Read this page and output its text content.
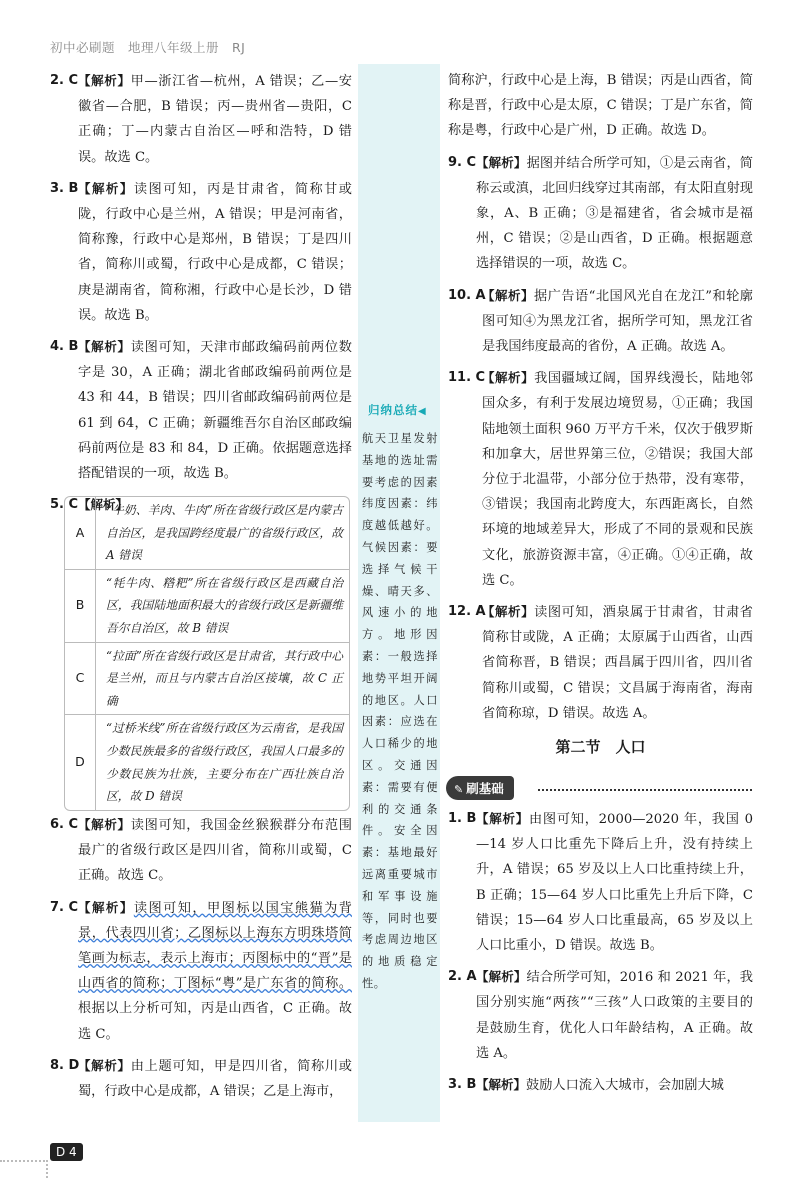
初中必刷题　地理八年级上册　RJ
2. C 【解析】甲—浙江省—杭州，A 错误；乙—安徽省—合肥，B 错误；丙—贵州省—贵阳，C 正确；丁—内蒙古自治区—呼和浩特，D 错误。故选 C。
3. B 【解析】读图可知，丙是甘肃省，简称甘或陇，行政中心是兰州，A 错误；甲是河南省，简称豫，行政中心是郑州，B 错误；丁是四川省，简称川或蜀，行政中心是成都，C 错误；庚是湖南省，简称湘，行政中心是长沙，D 错误。故选 B。
4. B 【解析】读图可知，天津市邮政编码前两位数字是 30，A 正确；湖北省邮政编码前两位是 43 和 44，B 错误；四川省邮政编码前两位是 61 到 64，C 正确；新疆维吾尔自治区邮政编码前两位是 83 和 84，D 正确。依据题意选择搭配错误的一项，故选 B。
5. C 【解析】
A
“牛奶、羊肉、牛肉”所在省级行政区是内蒙古自治区，是我国跨经度最广的省级行政区，故 A 错误
B
“牦牛肉、糌粑”所在省级行政区是西藏自治区，我国陆地面积最大的省级行政区是新疆维吾尔自治区，故 B 错误
C
“拉面”所在省级行政区是甘肃省，其行政中心是兰州，而且与内蒙古自治区接壤，故 C 正确
D
“过桥米线”所在省级行政区为云南省，是我国少数民族最多的省级行政区，我国人口最多的少数民族为壮族，主要分布在广西壮族自治区，故 D 错误
6. C 【解析】读图可知，我国金丝猴猴群分布范围最广的省级行政区是四川省，简称川或蜀，C 正确。故选 C。
7. C 【解析】读图可知，甲图标以国宝熊猫为背景，代表四川省；乙图标以上海东方明珠塔简笔画为标志，表示上海市；丙图标中的“晋”是山西省的简称；丁图标“粤”是广东省的简称。根据以上分析可知，丙是山西省，C 正确。故选 C。
8. D
【解析】由上题可知，甲是四川省，简称川或蜀，行政中心是成都，A 错误；乙是上海市，
归纳总结◀
航天卫星发射基地的选址需要考虑的因素 纬度因素：纬度越低越好。气候因素：要选择气候干燥、晴天多、风速小的地方。地形因素：一般选择地势平坦开阔的地区。人口因素：应选在人口稀少的地区。交通因素：需要有便利的交通条件。安全因素：基地最好远离重要城市和军事设施等，同时也要考虑周边地区的地质稳定性。
简称沪，行政中心是上海，B 错误；丙是山西省，简称是晋，行政中心是太原，C 错误；丁是广东省，简称是粤，行政中心是广州，D 正确。故选 D。
9. C 【解析】据图并结合所学可知，①是云南省，简称云或滇，北回归线穿过其南部，有太阳直射现象，A、B 正确；③是福建省，省会城市是福州，C 错误；②是山西省，D 正确。根据题意选择错误的一项，故选 C。
10. A
【解析】据广告语“北国风光自在龙江”和轮廓图可知④为黑龙江省，据所学可知，黑龙江省是我国纬度最高的省份，A 正确。故选 A。
11. C
【解析】我国疆域辽阔，国界线漫长，陆地邻国众多，有利于发展边境贸易，①正确；我国陆地领土面积 960 万平方千米，仅次于俄罗斯和加拿大，居世界第三位，②错误；我国大部分位于北温带，小部分位于热带，没有寒带，③错误；我国南北跨度大，东西距离长，自然环境的地域差异大，形成了不同的景观和民族文化，旅游资源丰富，④正确。①④正确，故选 C。
12. A
【解析】读图可知，酒泉属于甘肃省，甘肃省简称甘或陇，A 正确；太原属于山西省，山西省简称晋，B 错误；西昌属于四川省，四川省简称川或蜀，C 错误；文昌属于海南省，海南省简称琼，D 错误。故选 A。
第二节　人口
✎ 刷基础
1. B 【解析】由图可知，2000—2020 年，我国 0—14 岁人口比重先下降后上升，没有持续上升，A 错误；65 岁及以上人口比重持续上升，B 正确；15—64 岁人口比重先上升后下降，C 错误；15—64 岁人口比重最高，65 岁及以上人口比重小，D 错误。故选 B。
2. A 【解析】结合所学可知，2016 和 2021 年，我国分别实施“两孩”“三孩”人口政策的主要目的是鼓励生育，优化人口年龄结构，A 正确。故选 A。
3. B 【解析】鼓励人口流入大城市，会加剧大城
D 4
